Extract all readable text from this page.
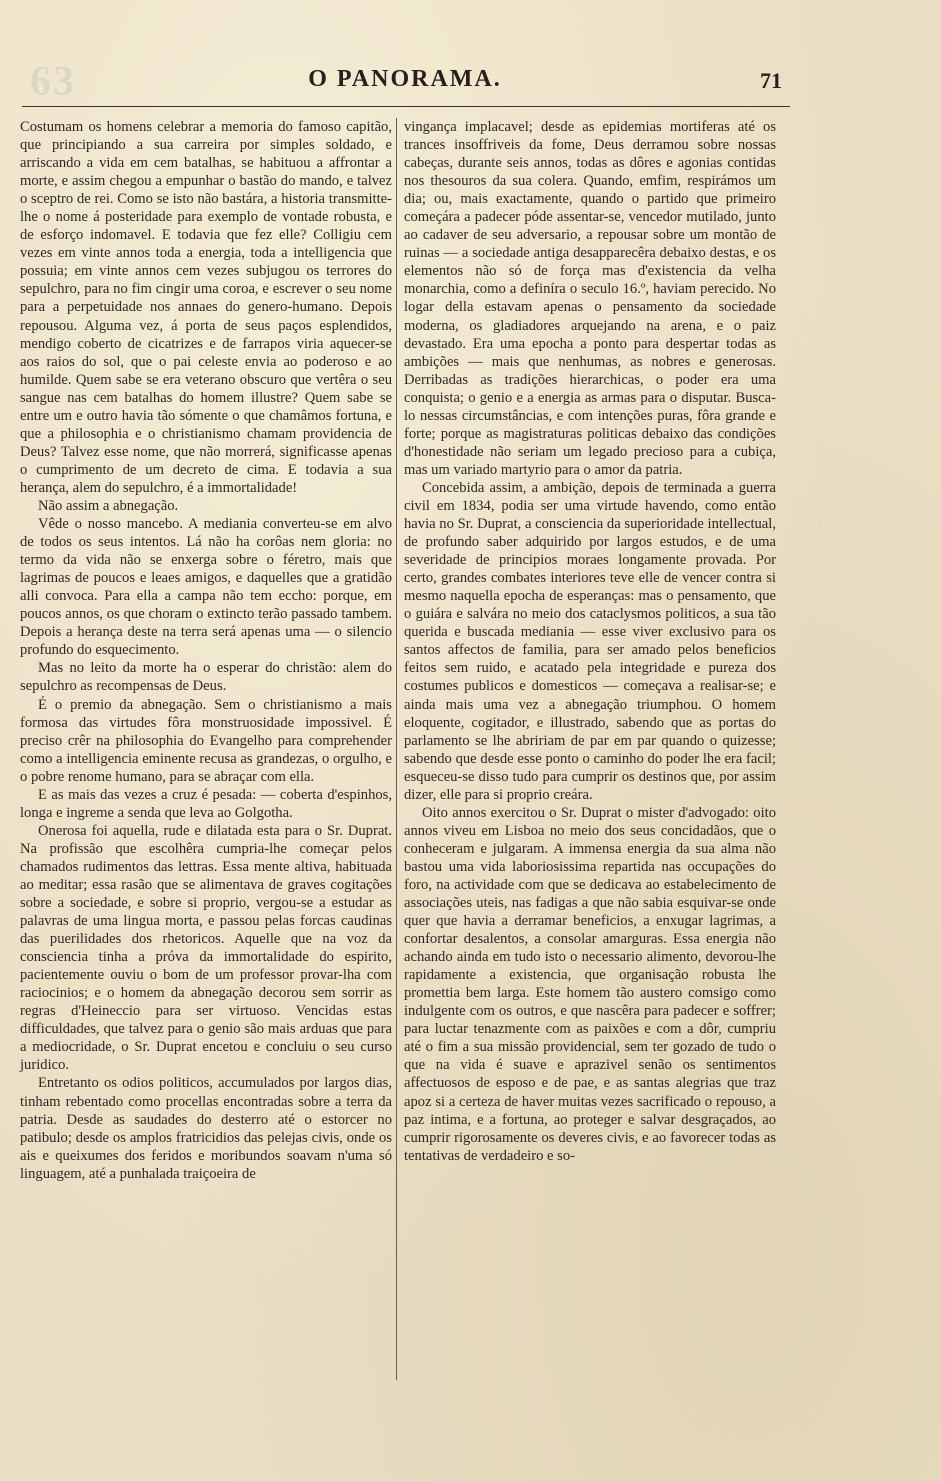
63	O PANORAMA.	71

Costumam os homens celebrar a memoria do famoso capitão, que principiando a sua carreira por simples soldado, e arriscando a vida em cem batalhas, se habituou a affrontar a morte, e assim chegou a empunhar o bastão do mando, e talvez o sceptro de rei. Como se isto não bastára, a historia transmitte-lhe o nome á posteridade para exemplo de vontade robusta, e de esforço indomavel. E todavia que fez elle? Colligiu cem vezes em vinte annos toda a energia, toda a intelligencia que possuia; em vinte annos cem vezes subjugou os terrores do sepulchro, para no fim cingir uma coroa, e escrever o seu nome para a perpetuidade nos annaes do genero-humano. Depois repousou. Alguma vez, á porta de seus paços esplendidos, mendigo coberto de cicatrizes e de farrapos viria aquecer-se aos raios do sol, que o pai celeste envia ao poderoso e ao humilde. Quem sabe se era veterano obscuro que vertêra o seu sangue nas cem batalhas do homem illustre? Quem sabe se entre um e outro havia tão sómente o que chamâmos fortuna, e que a philosophia e o christianismo chamam providencia de Deus? Talvez esse nome, que não morrerá, significasse apenas o cumprimento de um decreto de cima. E todavia a sua herança, alem do sepulchro, é a immortalidade!

Não assim a abnegação.

Vêde o nosso mancebo. A mediania converteu-se em alvo de todos os seus intentos. Lá não ha corôas nem gloria: no termo da vida não se enxerga sobre o féretro, mais que lagrimas de poucos e leaes amigos, e daquelles que a gratidão alli convoca. Para ella a campa não tem eccho: porque, em poucos annos, os que choram o extincto terão passado tambem. Depois a herança deste na terra será apenas uma — o silencio profundo do esquecimento.

Mas no leito da morte ha o esperar do christão: alem do sepulchro as recompensas de Deus.

É o premio da abnegação. Sem o christianismo a mais formosa das virtudes fôra monstruosidade impossivel. É preciso crêr na philosophia do Evangelho para comprehender como a intelligencia eminente recusa as grandezas, o orgulho, e o pobre renome humano, para se abraçar com ella.

E as mais das vezes a cruz é pesada: — coberta d'espinhos, longa e ingreme a senda que leva ao Golgotha.

Onerosa foi aquella, rude e dilatada esta para o Sr. Duprat. Na profissão que escolhêra cumpria-lhe começar pelos chamados rudimentos das lettras. Essa mente altiva, habituada ao meditar; essa rasão que se alimentava de graves cogitações sobre a sociedade, e sobre si proprio, vergou-se a estudar as palavras de uma lingua morta, e passou pelas forcas caudinas das puerilidades dos rhetoricos. Aquelle que na voz da consciencia tinha a próva da immortalidade do espirito, pacientemente ouviu o bom de um professor provar-lha com raciocinios; e o homem da abnegação decorou sem sorrir as regras d'Heineccio para ser virtuoso. Vencidas estas difficuldades, que talvez para o genio são mais arduas que para a mediocridade, o Sr. Duprat encetou e concluiu o seu curso juridico.

Entretanto os odios politicos, accumulados por largos dias, tinham rebentado como procellas encontradas sobre a terra da patria. Desde as saudades do desterro até o estorcer no patibulo; desde os amplos fratricidios das pelejas civis, onde os ais e queixumes dos feridos e moribundos soavam n'uma só linguagem, até a punhalada traiçoeira de

vingança implacavel; desde as epidemias mortiferas até os trances insoffriveis da fome, Deus derramou sobre nossas cabeças, durante seis annos, todas as dôres e agonias contidas nos thesouros da sua colera. Quando, emfim, respirámos um dia; ou, mais exactamente, quando o partido que primeiro começára a padecer póde assentar-se, vencedor mutilado, junto ao cadaver de seu adversario, a repousar sobre um montão de ruinas — a sociedade antiga desapparecêra debaixo destas, e os elementos não só de força mas d'existencia da velha monarchia, como a definíra o seculo 16.º, haviam perecido. No logar della estavam apenas o pensamento da sociedade moderna, os gladiadores arquejando na arena, e o paiz devastado. Era uma epocha a ponto para despertar todas as ambições — mais que nenhumas, as nobres e generosas. Derribadas as tradições hierarchicas, o poder era uma conquista; o genio e a energia as armas para o disputar. Busca-lo nessas circumstâncias, e com intenções puras, fôra grande e forte; porque as magistraturas politicas debaixo das condições d'honestidade não seriam um legado precioso para a cubiça, mas um variado martyrio para o amor da patria.

Concebida assim, a ambição, depois de terminada a guerra civil em 1834, podia ser uma virtude havendo, como então havia no Sr. Duprat, a consciencia da superioridade intellectual, de profundo saber adquirido por largos estudos, e de uma severidade de principios moraes longamente provada. Por certo, grandes combates interiores teve elle de vencer contra si mesmo naquella epocha de esperanças: mas o pensamento, que o guiára e salvára no meio dos cataclysmos politicos, a sua tão querida e buscada mediania — esse viver exclusivo para os santos affectos de familia, para ser amado pelos beneficios feitos sem ruido, e acatado pela integridade e pureza dos costumes publicos e domesticos — começava a realisar-se; e ainda mais uma vez a abnegação triumphou. O homem eloquente, cogitador, e illustrado, sabendo que as portas do parlamento se lhe abririam de par em par quando o quizesse; sabendo que desde esse ponto o caminho do poder lhe era facil; esqueceu-se disso tudo para cumprir os destinos que, por assim dizer, elle para si proprio creára.

Oito annos exercitou o Sr. Duprat o mister d'advogado: oito annos viveu em Lisboa no meio dos seus concidadãos, que o conheceram e julgaram. A immensa energia da sua alma não bastou uma vida laboriosissima repartida nas occupações do foro, na actividade com que se dedicava ao estabelecimento de associações uteis, nas fadigas a que não sabia esquivar-se onde quer que havia a derramar beneficios, a enxugar lagrimas, a confortar desalentos, a consolar amarguras. Essa energia não achando ainda em tudo isto o necessario alimento, devorou-lhe rapidamente a existencia, que organisação robusta lhe promettia bem larga. Este homem tão austero comsigo como indulgente com os outros, e que nascêra para padecer e soffrer; para luctar tenazmente com as paixões e com a dôr, cumpriu até o fim a sua missão providencial, sem ter gozado de tudo o que na vida é suave e aprazivel senão os sentimentos affectuosos de esposo e de pae, e as santas alegrias que traz apoz si a certeza de haver muitas vezes sacrificado o repouso, a paz intima, e a fortuna, ao proteger e salvar desgraçados, ao cumprir rigorosamente os deveres civis, e ao favorecer todas as tentativas de verdadeiro e so-
